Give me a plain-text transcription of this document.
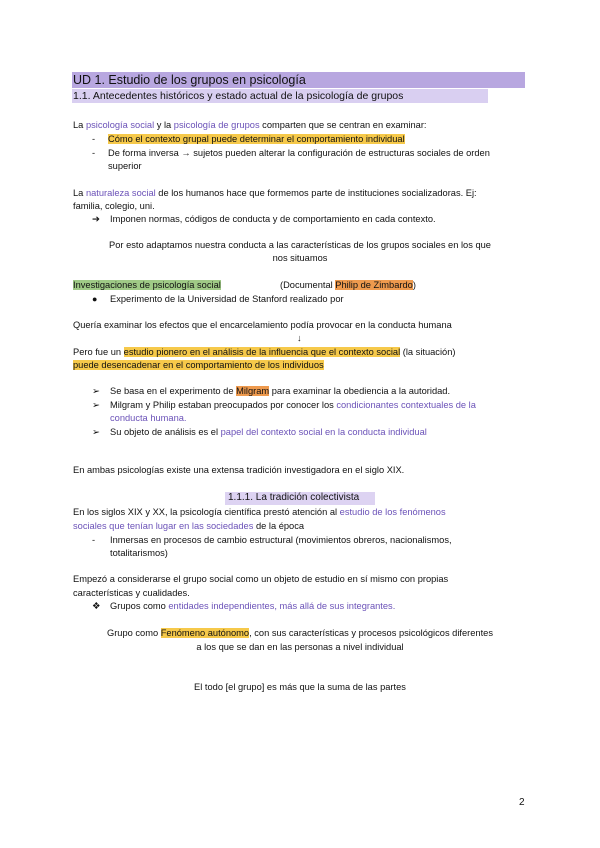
UD 1. Estudio de los grupos en psicología
1.1. Antecedentes históricos y estado actual de la psicología de grupos
La psicología social y la psicología de grupos comparten que se centran en examinar:
- Cómo el contexto grupal puede determinar el comportamiento individual
- De forma inversa → sujetos pueden alterar la configuración de estructuras sociales de orden
superior
La naturaleza social de los humanos hace que formemos parte de instituciones socializadoras. Ej:
familia, colegio, uni.
➔ Imponen normas, códigos de conducta y de comportamiento en cada contexto.
Por esto adaptamos nuestra conducta a las características de los grupos sociales en los que
nos situamos
Investigaciones de psicología social	(Documental Philip de Zimbardo)
● Experimento de la Universidad de Stanford realizado por
Quería examinar los efectos que el encarcelamiento podía provocar en la conducta humana
↓
Pero fue un estudio pionero en el análisis de la influencia que el contexto social (la situación)
puede desencadenar en el comportamiento de los individuos
➢ Se basa en el experimento de Milgram para examinar la obediencia a la autoridad.
➢ Milgram y Philip estaban preocupados por conocer los condicionantes contextuales de la
conducta humana.
➢ Su objeto de análisis es el papel del contexto social en la conducta individual
En ambas psicologías existe una extensa tradición investigadora en el siglo XIX.
1.1.1. La tradición colectivista
En los siglos XIX y XX, la psicología científica prestó atención al estudio de los fenómenos
sociales que tenían lugar en las sociedades de la época
- Inmersas en procesos de cambio estructural (movimientos obreros, nacionalismos,
totalitarismos)
Empezó a considerarse el grupo social como un objeto de estudio en sí mismo con propias
características y cualidades.
❖ Grupos como entidades independientes, más allá de sus integrantes.
Grupo como Fenómeno autónomo, con sus características y procesos psicológicos diferentes
a los que se dan en las personas a nivel individual
El todo [el grupo] es más que la suma de las partes
2
